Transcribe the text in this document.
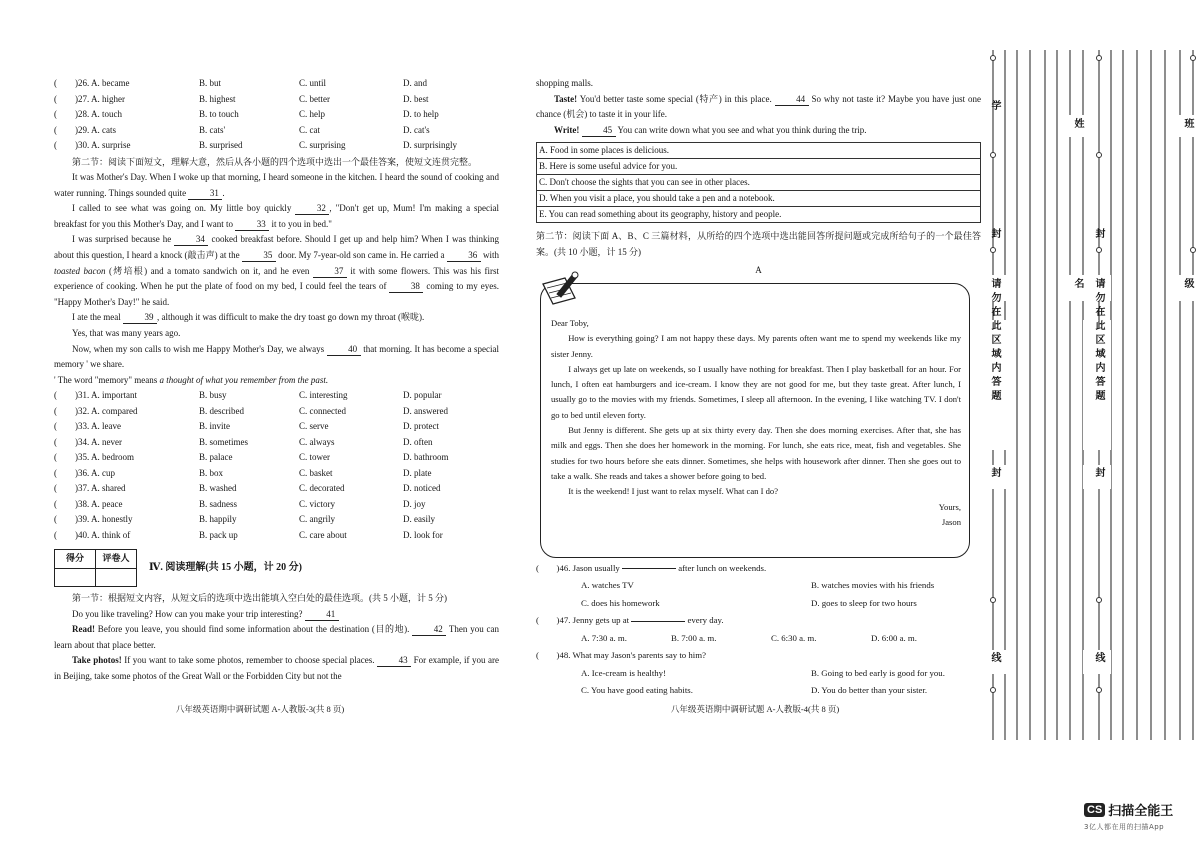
(　　)26. A. became	B. but	C. until	D. and
(　　)27. A. higher	B. highest	C. better	D. best
(　　)28. A. touch	B. to touch	C. help	D. to help
(　　)29. A. cats	B. cats'	C. cat	D. cat's
(　　)30. A. surprise	B. surprised	C. surprising	D. surprisingly

第二节：阅读下面短文，理解大意，然后从各小题的四个选项中选出一个最佳答案，使短文连贯完整。

It was Mother's Day. When I woke up that morning, I heard someone in the kitchen. I heard the sound of cooking and water running. Things sounded quite	31 .

I called to see what was going on. My little boy quickly	32 , "Don't get up, Mum! I'm making a special breakfast for you this Mother's Day, and I want to	33 it to you in bed."

I was surprised because he	34 cooked breakfast before. Should I get up and help him? When I was thinking about this question, I heard a knock (敲击声) at the	35 door. My 7-year-old son came in. He carried a	36 with toasted bacon (烤培根) and a tomato sandwich on it, and he even	37 it with some flowers. This was his first experience of cooking. When he put the plate of food on my bed, I could feel the tears of	38 coming to my eyes. "Happy Mother's Day!" he said.

I ate the meal	39 , although it was difficult to make the dry toast go down my throat (喉咙).

Yes, that was many years ago.

Now, when my son calls to wish me Happy Mother's Day, we always	40 that morning. It has become a special memory ' we share.

' The word "memory" means a thought of what you remember from the past.

(　　)31. A. important	B. busy	C. interesting	D. popular
(　　)32. A. compared	B. described	C. connected	D. answered
(　　)33. A. leave	B. invite	C. serve	D. protect
(　　)34. A. never	B. sometimes	C. always	D. often
(　　)35. A. bedroom	B. palace	C. tower	D. bathroom
(　　)36. A. cup	B. box	C. basket	D. plate
(　　)37. A. shared	B. washed	C. decorated	D. noticed
(　　)38. A. peace	B. sadness	C. victory	D. joy
(　　)39. A. honestly	B. happily	C. angrily	D. easily
(　　)40. A. think of	B. pack up	C. care about	D. look for
得分	评卷人

Ⅳ. 阅读理解(共 15 小题，计 20 分)

第一节：根据短文内容，从短文后的选项中选出能填入空白处的最佳选项。(共 5 小题，计 5 分)

Do you like traveling? How can you make your trip interesting?	41

Read! Before you leave, you should find some information about the destination (目的地).	42 Then you can learn about that place better.

Take photos! If you want to take some photos, remember to choose special places.	43 For example, if you are in Beijing, take some photos of the Great Wall or the Forbidden City but not the

八年级英语期中调研试题 A-人教版-3(共 8 页)

shopping malls.

Taste! You'd better taste some special (特产) in this place.	44 So why not taste it? Maybe you have just one chance (机会) to taste it in your life.

Write!	45 You can write down what you see and what you think during the trip.

A. Food in some places is delicious.
B. Here is some useful advice for you.
C. Don't choose the sights that you can see in other places.
D. When you visit a place, you should take a pen and a notebook.
E. You can read something about its geography, history and people.

第二节：阅读下面 A、B、C 三篇材料，从所给的四个选项中选出能回答所提问题或完成所给句子的一个最佳答案。(共 10 小题，计 15 分)

A
Dear Toby,

How is everything going? I am not happy these days. My parents often want me to spend my weekends like my sister Jenny.

I always get up late on weekends, so I usually have nothing for breakfast. Then I play basketball for an hour. For lunch, I often eat hamburgers and ice-cream. I know they are not good for me, but they taste great. After lunch, I usually go to the movies with my friends. Sometimes, I sleep all afternoon. In the evening, I like watching TV. I don't go to bed until eleven forty.

But Jenny is different. She gets up at six thirty every day. Then she does morning exercises. After that, she has milk and eggs. Then she does her homework in the morning. For lunch, she eats rice, meat, fish and vegetables. She studies for two hours before she eats dinner. Sometimes, she helps with housework after dinner. Then she goes out to take a walk. She reads and takes a shower before going to bed.

It is the weekend! I just want to relax myself. What can I do?

Yours,
Jason
(　　)46. Jason usually

	after lunch on weekends.
A. watches TV	B. watches movies with his friends
C. does his homework	D. goes to sleep for two hours
(　　)47. Jenny gets up at

	every day.
A. 7:30 a. m.	B. 7:00 a. m.	C. 6:30 a. m.	D. 6:00 a. m.
(　　)48. What may Jason's parents say to him?
A. Ice-cream is healthy!	B. Going to bed early is good for you.
C. You have good eating habits.	D. You do better than your sister.
八年级英语期中调研试题 A-人教版-4(共 8 页)
请勿在此区域内答题	请勿在此区域内答题
封	封
封	封
线	线
姓
名
班
级
学
CS 扫描全能王
3亿人都在用的扫描App
